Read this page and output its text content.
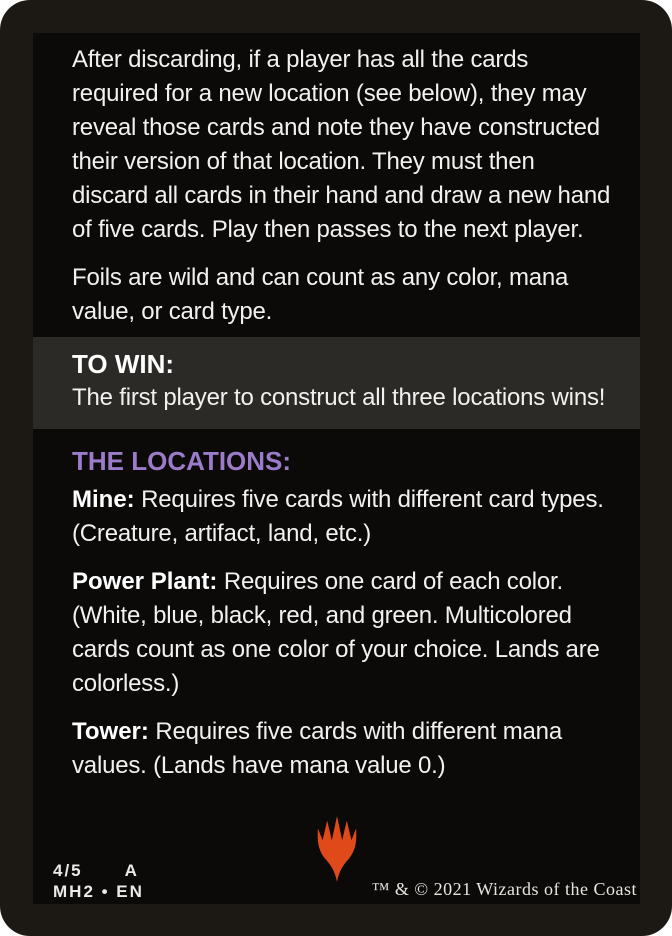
After discarding, if a player has all the cards
required for a new location (see below), they may
reveal those cards and note they have constructed
their version of that location. They must then
discard all cards in their hand and draw a new hand
of five cards. Play then passes to the next player.

Foils are wild and can count as any color, mana
value, or card type.

TO WIN:
The first player to construct all three locations wins!
THE LOCATIONS:
Mine: Requires five cards with different card types.
(Creature, artifact, land, etc.)
Power Plant: Requires one card of each color.
(White, blue, black, red, and green. Multicolored
cards count as one color of your choice. Lands are
colorless.)
Tower: Requires five cards with different mana
values. (Lands have mana value 0.)
4/5 A
MH2 • EN	™ & © 2021 Wizards of the Coast
